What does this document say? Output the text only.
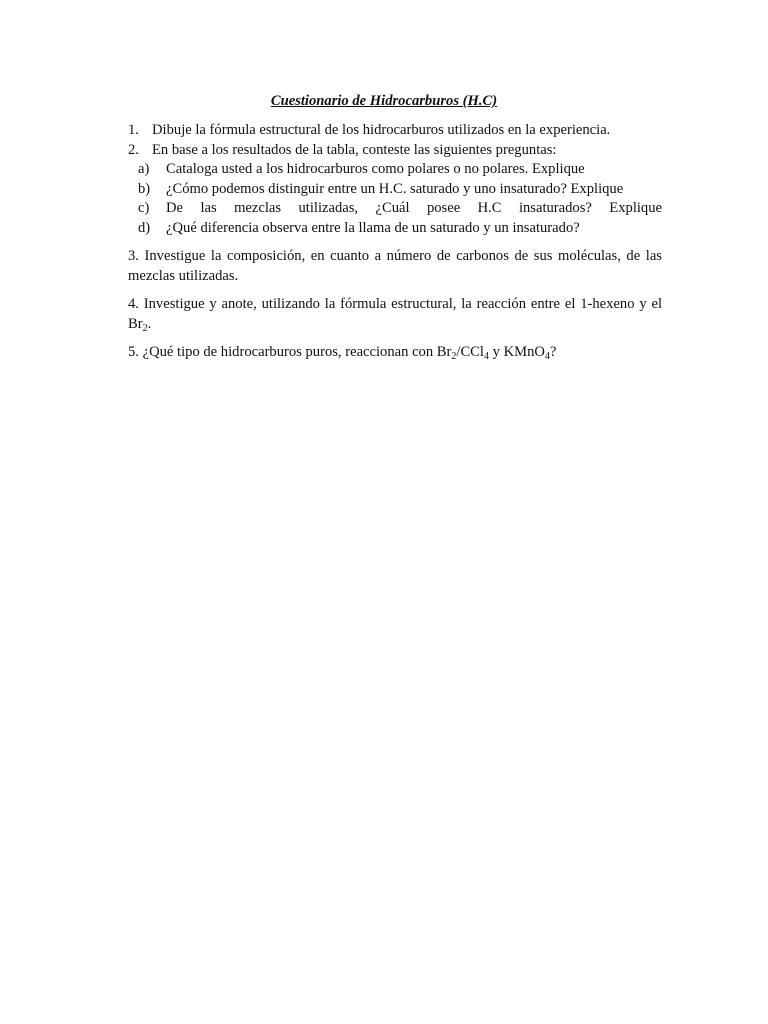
Cuestionario de Hidrocarburos (H.C)
1. Dibuje la fórmula estructural de los hidrocarburos utilizados en la experiencia.
2. En base a los resultados de la tabla, conteste las siguientes preguntas:
a)	Cataloga usted a los hidrocarburos como polares o no polares. Explique
b)	¿Cómo podemos distinguir entre un H.C. saturado y uno insaturado? Explique
c)	De las mezclas utilizadas, ¿Cuál posee H.C insaturados? Explique
d)	¿Qué diferencia observa entre la llama de un saturado y un insaturado?

3. Investigue la composición, en cuanto a número de carbonos de sus moléculas, de las mezclas utilizadas.

4. Investigue y anote, utilizando la fórmula estructural, la reacción entre el 1-hexeno y el $Br_2$.

5. ¿Qué tipo de hidrocarburos puros, reaccionan con $Br_2/CCl_4$ y KMnO$_4$?
